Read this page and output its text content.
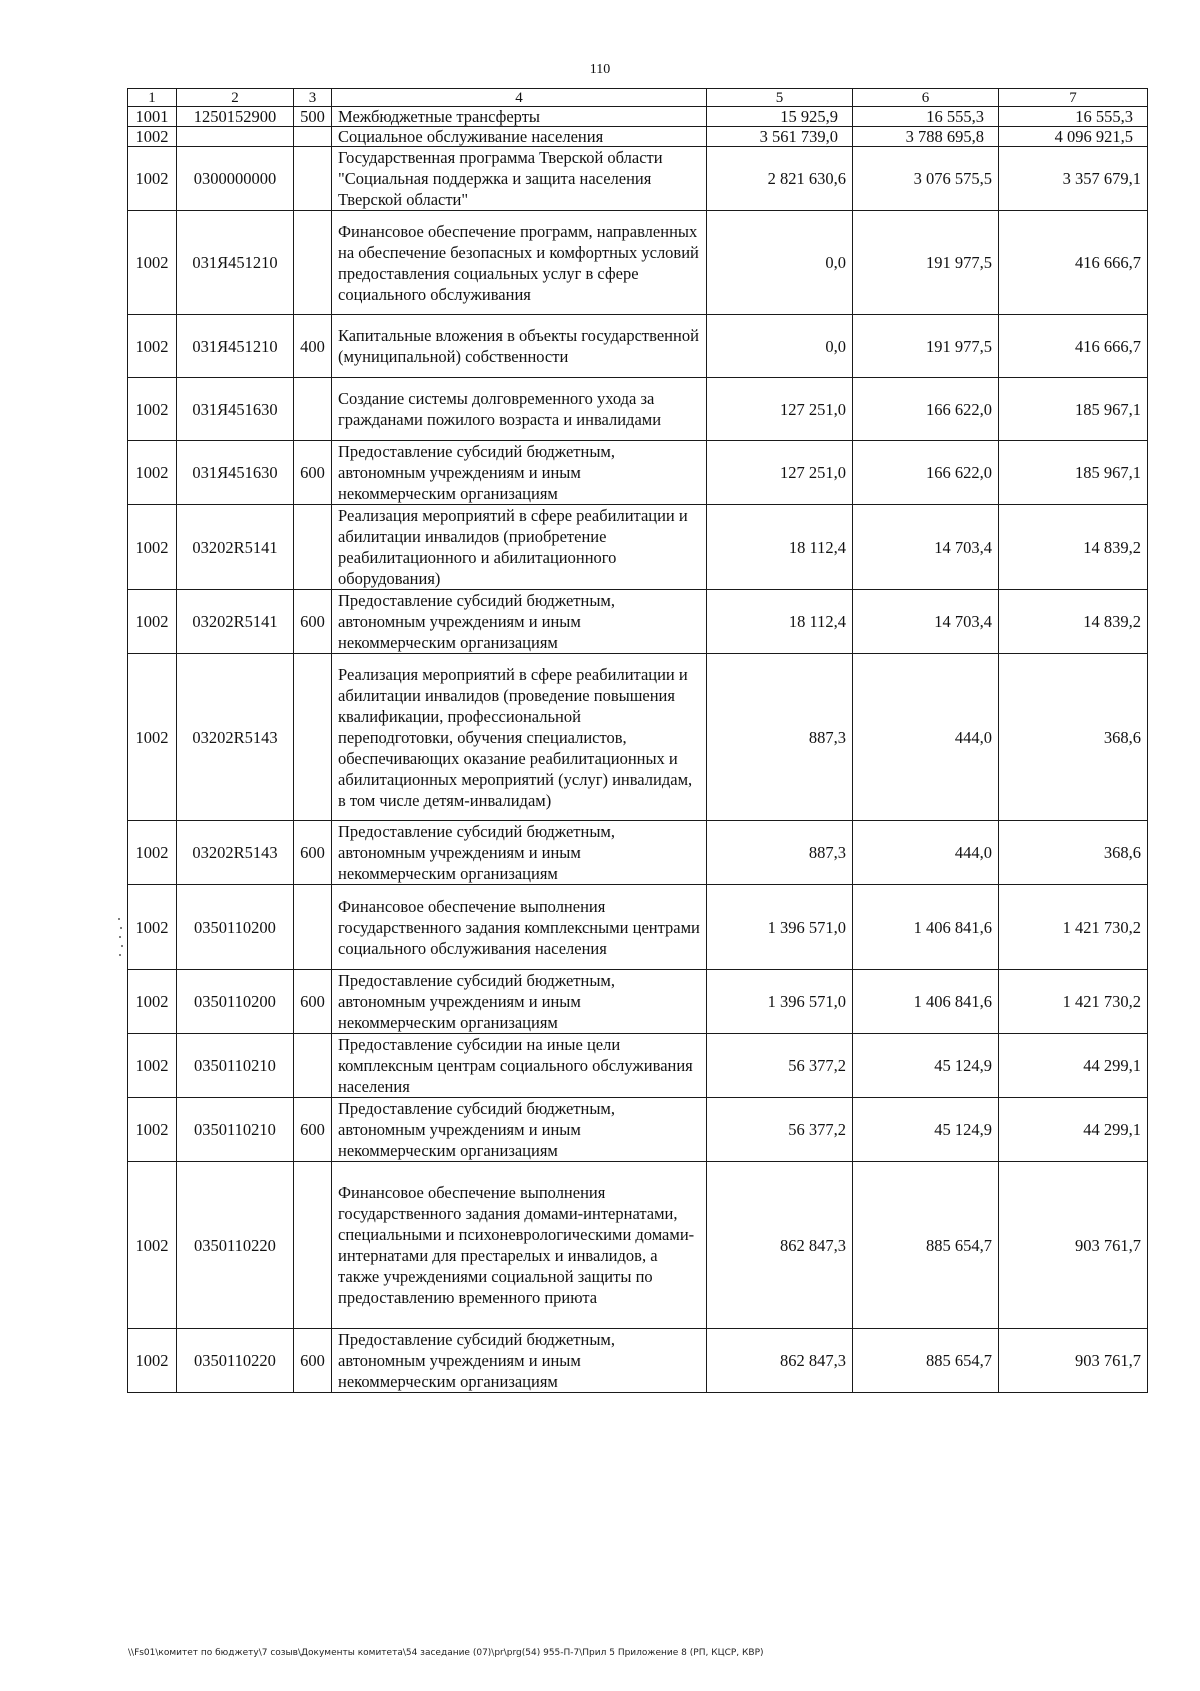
110
1	2	3	4	5	6	7
1001	1250152900	500	Межбюджетные трансферты	15 925,9	16 555,3	16 555,3
1002			Социальное обслуживание населения	3 561 739,0	3 788 695,8	4 096 921,5
1002	0300000000		Государственная программа Тверской области "Социальная поддержка и защита населения Тверской области"	2 821 630,6	3 076 575,5	3 357 679,1
1002	031Я451210		Финансовое обеспечение программ, направленных на обеспечение безопасных и комфортных условий предоставления социальных услуг в сфере социального обслуживания	0,0	191 977,5	416 666,7
1002	031Я451210	400	Капитальные вложения в объекты государственной (муниципальной) собственности	0,0	191 977,5	416 666,7
1002	031Я451630		Создание системы долговременного ухода за гражданами пожилого возраста и инвалидами	127 251,0	166 622,0	185 967,1
1002	031Я451630	600	Предоставление субсидий бюджетным, автономным учреждениям и иным некоммерческим организациям	127 251,0	166 622,0	185 967,1
1002	03202R5141		Реализация мероприятий в сфере реабилитации и абилитации инвалидов (приобретение реабилитационного и абилитационного оборудования)	18 112,4	14 703,4	14 839,2
1002	03202R5141	600	Предоставление субсидий бюджетным, автономным учреждениям и иным некоммерческим организациям	18 112,4	14 703,4	14 839,2
1002	03202R5143		Реализация мероприятий в сфере реабилитации и абилитации инвалидов (проведение повышения квалификации, профессиональной переподготовки, обучения специалистов, обеспечивающих оказание реабилитационных и абилитационных мероприятий (услуг) инвалидам, в том числе детям-инвалидам)	887,3	444,0	368,6
1002	03202R5143	600	Предоставление субсидий бюджетным, автономным учреждениям и иным некоммерческим организациям	887,3	444,0	368,6
1002	0350110200		Финансовое обеспечение выполнения государственного задания комплексными центрами социального обслуживания населения	1 396 571,0	1 406 841,6	1 421 730,2
1002	0350110200	600	Предоставление субсидий бюджетным, автономным учреждениям и иным некоммерческим организациям	1 396 571,0	1 406 841,6	1 421 730,2
1002	0350110210		Предоставление субсидии на иные цели комплексным центрам социального обслуживания населения	56 377,2	45 124,9	44 299,1
1002	0350110210	600	Предоставление субсидий бюджетным, автономным учреждениям и иным некоммерческим организациям	56 377,2	45 124,9	44 299,1
1002	0350110220		Финансовое обеспечение выполнения государственного задания домами-интернатами, специальными и психоневрологическими домами-интернатами для престарелых и инвалидов, а также учреждениями социальной защиты по предоставлению временного приюта	862 847,3	885 654,7	903 761,7
1002	0350110220	600	Предоставление субсидий бюджетным, автономным учреждениям и иным некоммерческим организациям	862 847,3	885 654,7	903 761,7
\\Fs01\комитет по бюджету\7 созыв\Документы комитета\54 заседание (07)\pr\prg(54) 955-П-7\Прил 5 Приложение 8 (РП, КЦСР, КВР)
